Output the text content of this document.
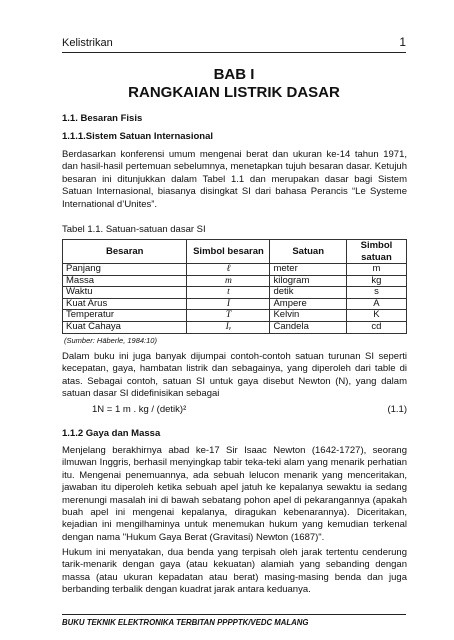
Kelistrikan	1
BAB I
RANGKAIAN LISTRIK DASAR
1.1. Besaran Fisis
1.1.1.Sistem Satuan Internasional
Berdasarkan konferensi umum mengenai berat dan ukuran ke-14 tahun 1971, dan hasil-hasil pertemuan sebelumnya, menetapkan tujuh besaran dasar. Ketujuh besaran ini ditunjukkan dalam Tabel 1.1 dan merupakan dasar bagi Sistem Satuan Internasional, biasanya disingkat SI dari bahasa Perancis “Le Systeme International d’Unites”.
Tabel 1.1. Satuan-satuan dasar SI
Besaran	Simbol besaran	Satuan	Simbol satuan
Panjang	ℓ	meter	m
Massa	m	kilogram	kg
Waktu	t	detik	s
Kuat Arus	I	Ampere	A
Temperatur	T	Kelvin	K
Kuat Cahaya	Iᵥ	Candela	cd
(Sumber: Häberle, 1984:10)
Dalam buku ini juga banyak dijumpai contoh-contoh satuan turunan SI seperti kecepatan, gaya, hambatan listrik dan sebagainya, yang diperoleh dari table di atas. Sebagai contoh, satuan SI untuk gaya disebut Newton (N), yang dalam satuan dasar SI didefinisikan sebagai
1N = 1 m . kg / (detik)²	(1.1)
1.1.2 Gaya dan Massa
Menjelang berakhirnya abad ke-17 Sir Isaac Newton (1642-1727), seorang ilmuwan Inggris, berhasil menyingkap tabir teka-teki alam yang menarik perhatian itu. Mengenai penemuannya, ada sebuah lelucon menarik yang menceritakan, jawaban itu diperoleh ketika sebuah apel jatuh ke kepalanya sewaktu ia sedang merenungi masalah ini di bawah sebatang pohon apel di pekarangannya (apakah buah apel ini mengenai kepalanya, diragukan kebenarannya). Diceritakan, kejadian ini mengilhaminya untuk menemukan hukum yang kemudian terkenal dengan nama "Hukum Gaya Berat (Gravitasi) Newton (1687)".
Hukum ini menyatakan, dua benda yang terpisah oleh jarak tertentu cenderung tarik-menarik dengan gaya (atau kekuatan) alamiah yang sebanding dengan massa (atau ukuran kepadatan atau berat) masing-masing benda dan juga berbanding terbalik dengan kuadrat jarak antara keduanya.
BUKU TEKNIK ELEKTRONIKA TERBITAN PPPPTK/VEDC MALANG
